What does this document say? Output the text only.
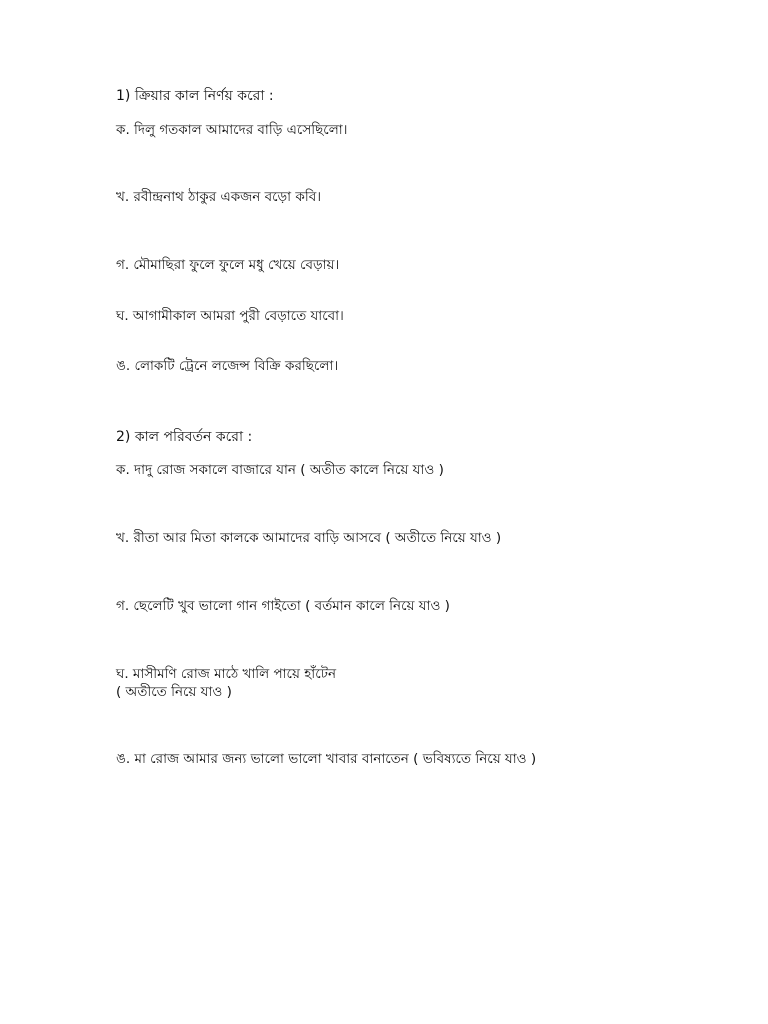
1) ক্রিয়ার কাল নির্ণয় করো :

ক. দিলু গতকাল আমাদের বাড়ি এসেছিলো।

খ. রবীন্দ্রনাথ ঠাকুর একজন বড়ো কবি।

গ. মৌমাছিরা ফুলে ফুলে মধু খেয়ে বেড়ায়।

ঘ. আগামীকাল আমরা পুরী বেড়াতে যাবো।

ঙ. লোকটি ট্রেনে লজেন্স বিক্রি করছিলো।

2) কাল পরিবর্তন করো :

ক. দাদু রোজ সকালে বাজারে যান ( অতীত কালে নিয়ে যাও )

খ. রীতা আর মিতা কালকে আমাদের বাড়ি আসবে ( অতীতে নিয়ে যাও )

গ. ছেলেটি খুব ভালো গান গাইতো ( বর্তমান কালে নিয়ে যাও )

ঘ. মাসীমণি রোজ মাঠে খালি পায়ে হাঁটেন

( অতীতে নিয়ে যাও )

ঙ. মা রোজ আমার জন্য ভালো ভালো খাবার বানাতেন ( ভবিষ্যতে নিয়ে যাও )
